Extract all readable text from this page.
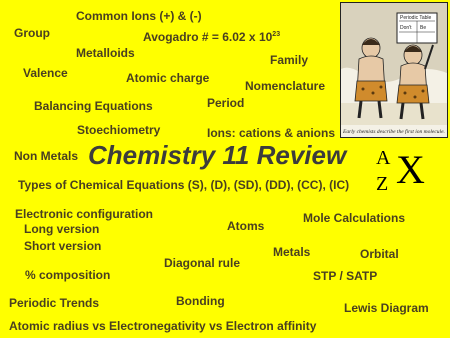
Common Ions (+) & (-)

Group	Avogadro # = 6.02 x $10^{23}$

Metalloids	Family

Valence	Atomic charge

Nomenclature

Balancing Equations	Period

Stoechiometry	Ions: cations & anions

Non Metals Chemistry 11 Review A
Z X

Types of Chemical Equations (S), (D), (SD), (DD), (CC), (IC)

Electronic configuration

Long version	Atoms

Mole Calculations

Short version	Metals	Orbital

Diagonal rule

% composition	STP / SATP

Periodic Trends	Bonding	Lewis Diagram

Atomic radius vs Electronegativity vs Electron affinity

Periodic Table
Don't Be
Early chemists describe the first ion molecule.
